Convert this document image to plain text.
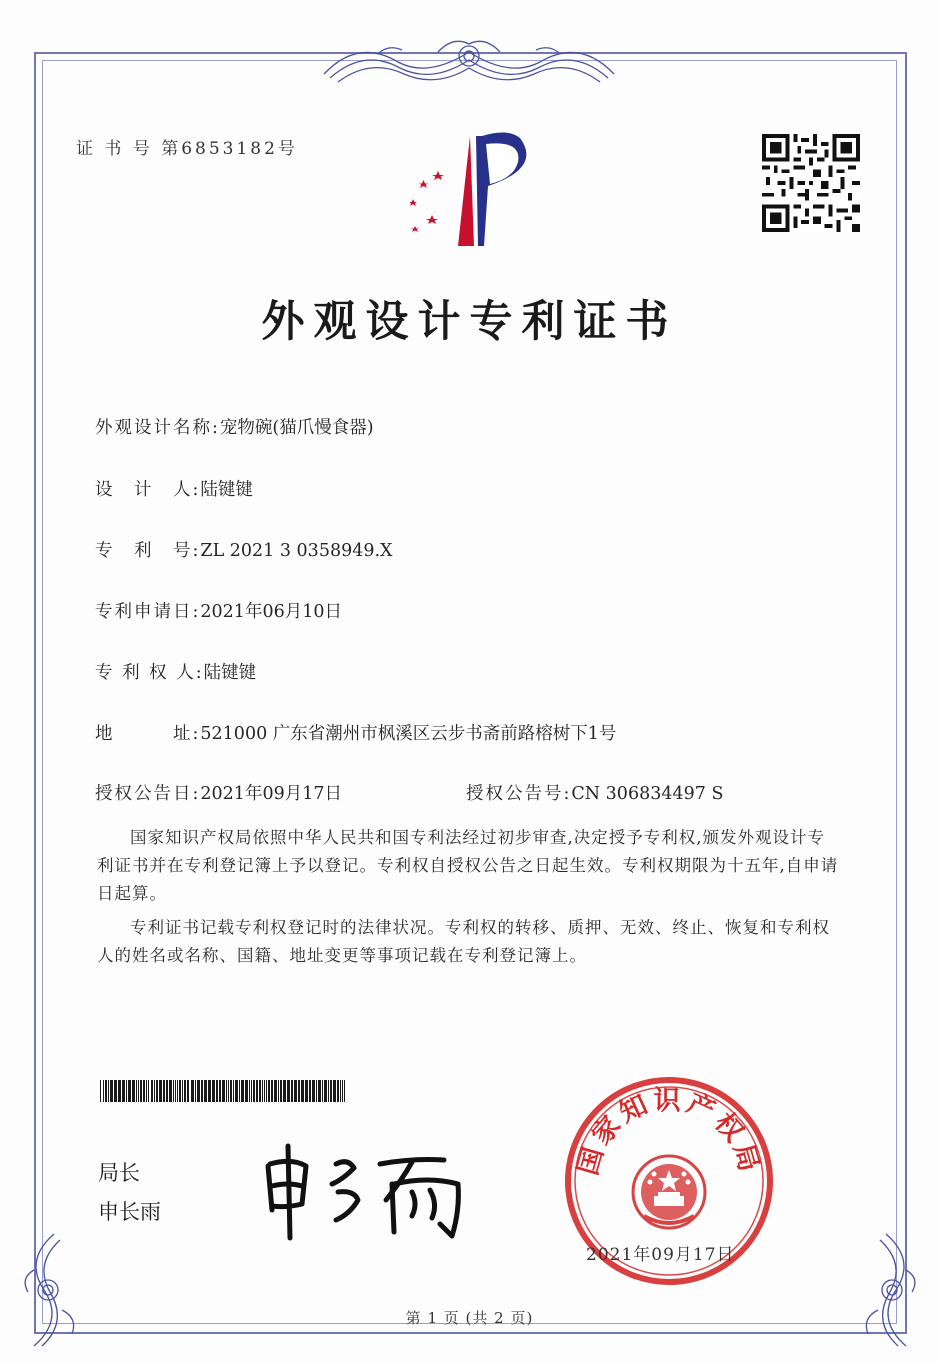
证 书 号 第6853182号
外观设计专利证书
外观设计名称:宠物碗(猫爪慢食器)
设　计　人:陆键键
专　利　号:ZL 2021 3 0358949.X
专利申请日:2021年06月10日
专 利 权 人:陆键键
地　　　址:521000 广东省潮州市枫溪区云步书斋前路榕树下1号
授权公告日:2021年09月17日	授权公告号:CN 306834497 S
国家知识产权局依照中华人民共和国专利法经过初步审查,决定授予专利权,颁发外观设计专利证书并在专利登记簿上予以登记。专利权自授权公告之日起生效。专利权期限为十五年,自申请日起算。
专利证书记载专利权登记时的法律状况。专利权的转移、质押、无效、终止、恢复和专利权人的姓名或名称、国籍、地址变更等事项记载在专利登记簿上。
局长
申长雨
国家知识产权局
2021年09月17日
第 1 页 (共 2 页)
